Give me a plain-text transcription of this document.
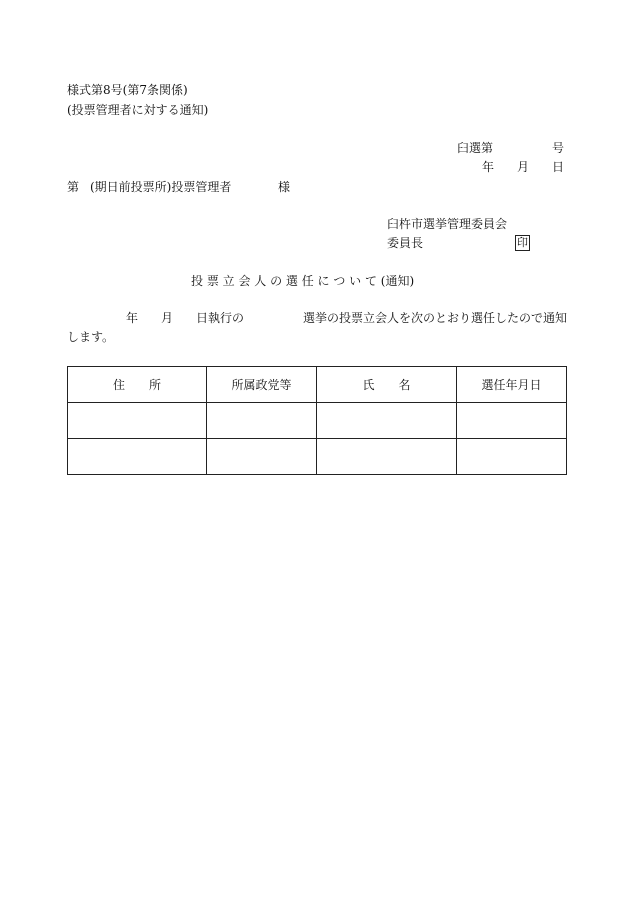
様式第8号(第7条関係)
(投票管理者に対する通知)
臼選第	号
年 月 日
第 (期日前投票所)投票管理者	様
臼杵市選挙管理委員会
委員長	印
投 票 立 会 人 の 選 任 に つ い て (通知)
年 月 日執行の	選挙の投票立会人を次のとおり選任したので通知
します。
住　　所	所属政党等	氏　　名	選任年月日
